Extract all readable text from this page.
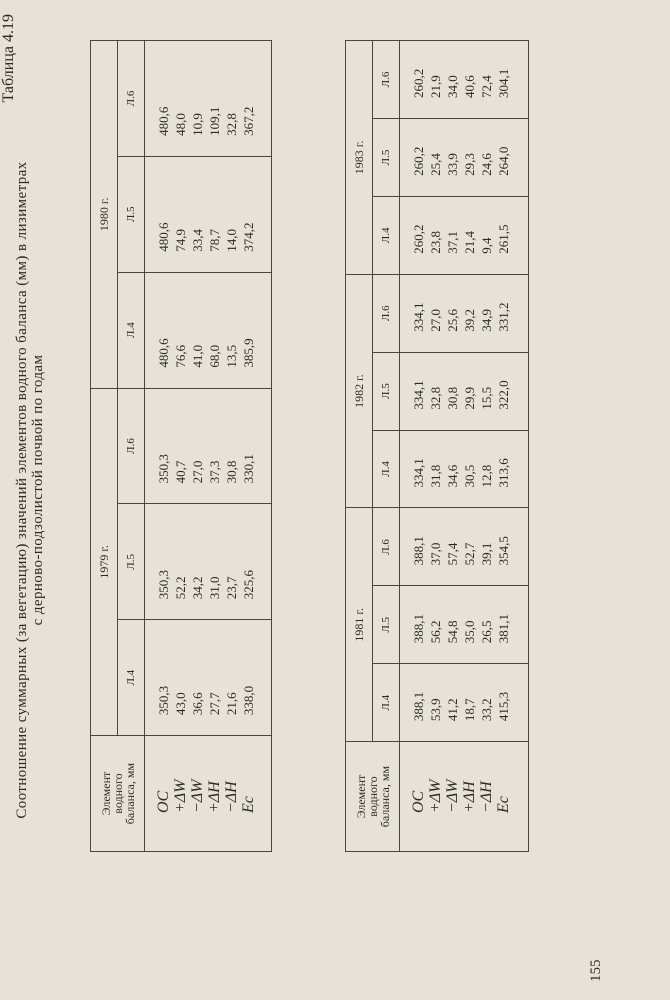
Таблица 4.19
Соотношение суммарных (за вегетацию) значений элементов водного баланса (мм) в лизиметрах с дерново-подзолистой почвой по годам
Элемент
водного
баланса, мм	1979 г.			1980 г.		
	Л.4	Л.5	Л.6	Л.4	Л.5	Л.6
OC	350,3	350,3	350,3	480,6	480,6	480,6
+ΔW	43,0	52,2	40,7	76,6	74,9	48,0
−ΔW	36,6	34,2	27,0	41,0	33,4	10,9
+ΔH	27,7	31,0	37,3	68,0	78,7	109,1
−ΔH	21,6	23,7	30,8	13,5	14,0	32,8
Ec	338,0	325,6	330,1	385,9	374,2	367,2
Элемент
водного
баланса, мм	1981 г.			1982 г.			1983 г.		
	Л.4	Л.5	Л.6	Л.4	Л.5	Л.6	Л.4	Л.5	Л.6
OC	388,1	388,1	388,1	334,1	334,1	334,1	260,2	260,2	260,2
+ΔW	53,9	56,2	37,0	31,8	32,8	27,0	23,8	25,4	21,9
−ΔW	41,2	54,8	57,4	34,6	30,8	25,6	37,1	33,9	34,0
+ΔH	18,7	35,0	52,7	30,5	29,9	39,2	21,4	29,3	40,6
−ΔH	33,2	26,5	39,1	12,8	15,5	34,9	9,4	24,6	72,4
Ec	415,3	381,1	354,5	313,6	322,0	331,2	261,5	264,0	304,1
155
